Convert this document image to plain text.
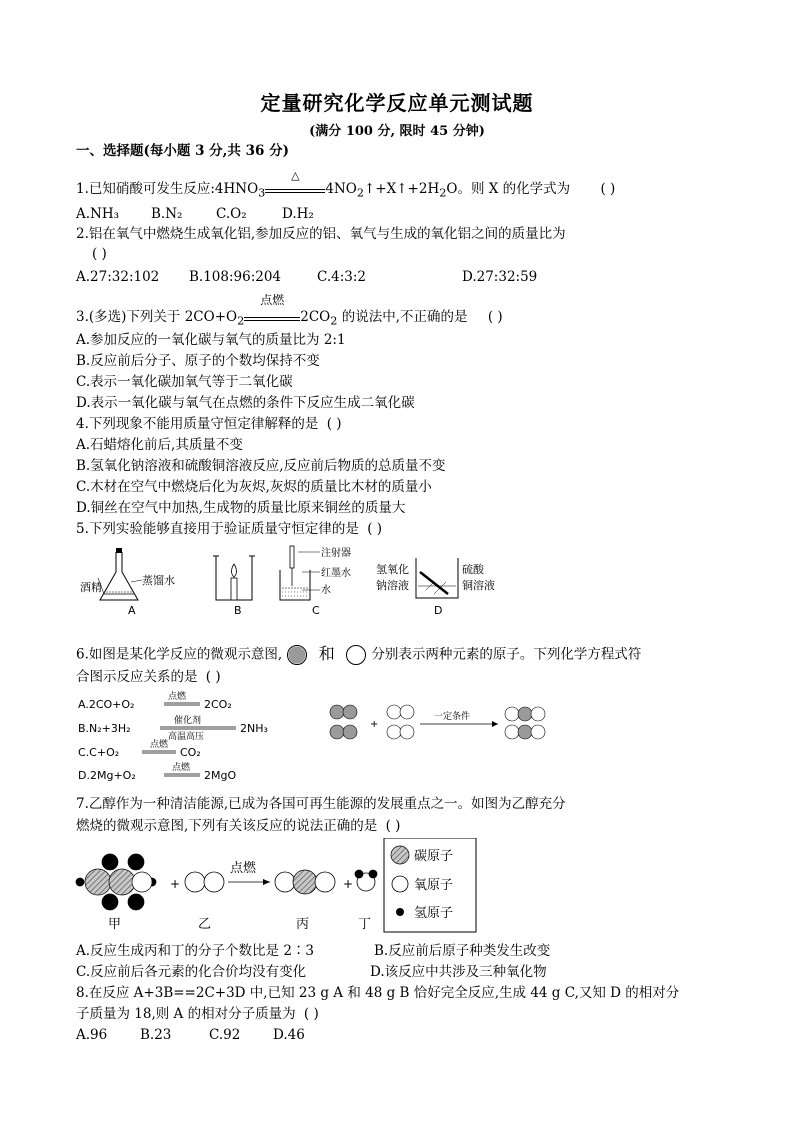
定量研究化学反应单元测试题
(满分 100 分, 限时 45 分钟)
一、选择题(每小题 3 分,共 36 分)
1.已知硝酸可发生反应$:4HNO_3$
△
$4NO_2↑+X↑+2H_2O$。则 X 的化学式为 ( )
A.NH₃ B.N₂ C.O₂	D.H₂
2.铝在氧气中燃烧生成氧化铝,参加反应的铝、氧气与生成的氧化铝之间的质量比为
( )
A.27:32:102 B.108:96:204	C.4:3:2	D.27:32:59
3.(多选)下列关于 $2CO+O_2$
点燃
$2CO_2$ 的说法中,不正确的是 ( )
A.参加反应的一氧化碳与氧气的质量比为 2:1
B.反应前后分子、原子的个数均保持不变
C.表示一氧化碳加氧气等于二氧化碳
D.表示一氧化碳与氧气在点燃的条件下反应生成二氧化碳
4.下列现象不能用质量守恒定律解释的是 ( )
A.石蜡熔化前后,其质量不变
B.氢氧化钠溶液和硫酸铜溶液反应,反应前后物质的总质量不变
C.木材在空气中燃烧后化为灰烬,灰烬的质量比木材的质量小
D.铜丝在空气中加热,生成物的质量比原来铜丝的质量大
5.下列实验能够直接用于验证质量守恒定律的是 ( )
酒精
蒸馏水
A	B
注射器
红墨水
水
C
氢氧化
钠溶液
硫酸
铜溶液
D
6.如图是某化学反应的微观示意图, 和	分别表示两种元素的原子。下列化学方程式符
合图示反应关系的是 ( )
A.2CO+O₂
点燃
2CO₂
B.N₂+3H₂
催化剂
高温高压
2NH₃
C.C+O₂
点燃
CO₂
D.2Mg+O₂
点燃
2MgO
+
一定条件
7.乙醇作为一种清洁能源,已成为各国可再生能源的发展重点之一。如图为乙醇充分
燃烧的微观示意图,下列有关该反应的说法正确的是 ( )
+
点燃
+
甲	乙	丙	丁
碳原子
氧原子
氢原子
A.反应生成丙和丁的分子个数比是 2∶3	B.反应前后原子种类发生改变
C.反应前后各元素的化合价均没有变化	D.该反应中共涉及三种氧化物
8.在反应 A+3B==2C+3D 中,已知 23 g A 和 48 g B 恰好完全反应,生成 44 g C,又知 D 的相对分
子质量为 18,则 A 的相对分子质量为 ( )
A.96 B.23	C.92 D.46
